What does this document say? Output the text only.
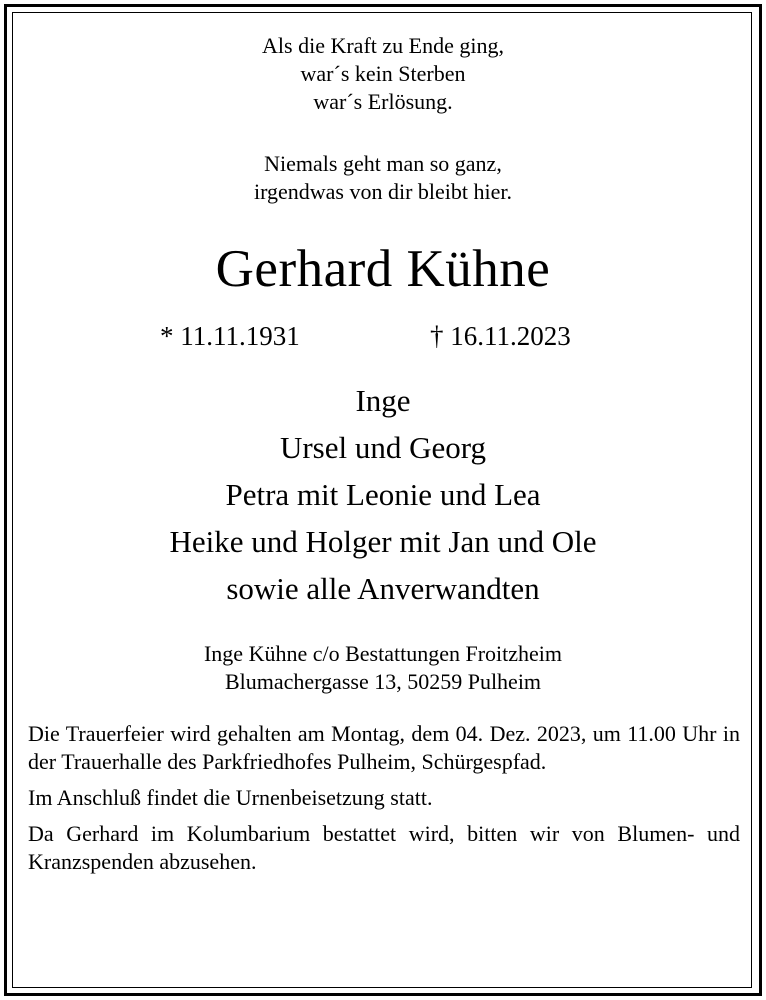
Als die Kraft zu Ende ging,
war´s kein Sterben
war´s Erlösung.
Niemals geht man so ganz,
irgendwas von dir bleibt hier.
Gerhard Kühne
* 11.11.1931	† 16.11.2023
Inge
Ursel und Georg
Petra mit Leonie und Lea
Heike und Holger mit Jan und Ole
sowie alle Anverwandten
Inge Kühne c/o Bestattungen Froitzheim
Blumachergasse 13, 50259 Pulheim

Die Trauerfeier wird gehalten am Montag, dem 04. Dez. 2023, um 11.00 Uhr in der Trauerhalle des Parkfriedhofes Pulheim, Schürgespfad.

Im Anschluß findet die Urnenbeisetzung statt.

Da Gerhard im Kolumbarium bestattet wird, bitten wir von Blumen- und Kranzspenden abzusehen.
